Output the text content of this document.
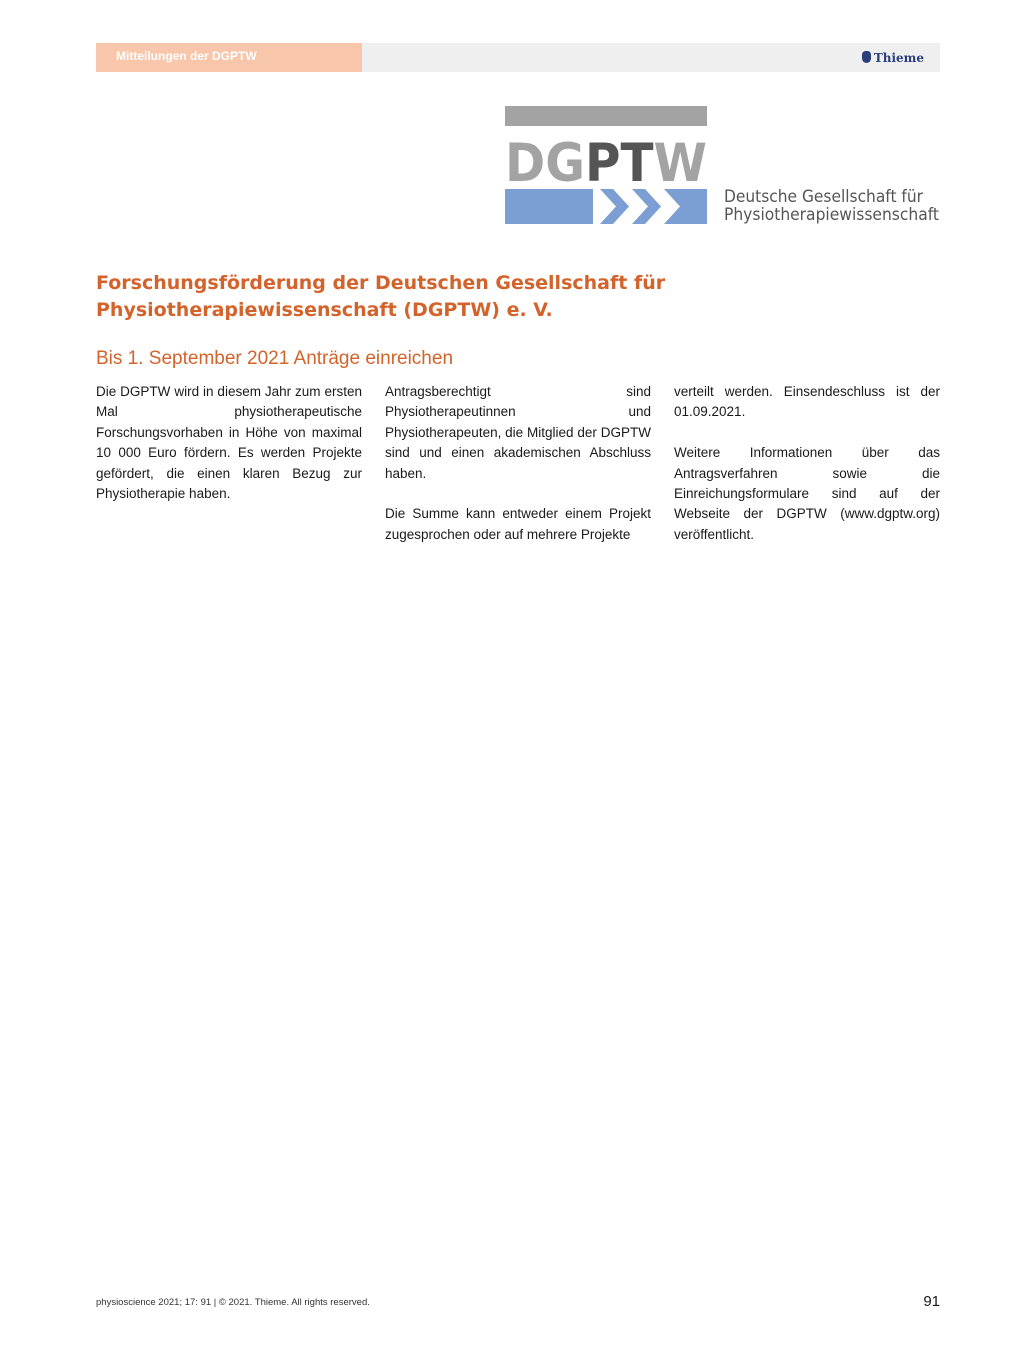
Mitteilungen der DGPTW	Thieme
DGPTW
Deutsche Gesellschaft für
Physiotherapiewissenschaft
Forschungsförderung der Deutschen Gesellschaft für Physiotherapiewissenschaft (DGPTW) e. V.
Bis 1. September 2021 Anträge einreichen

Die DGPTW wird in diesem Jahr zum ersten Mal physiotherapeutische Forschungsvorhaben in Höhe von maximal 10 000 Euro fördern. Es werden Projekte gefördert, die einen klaren Bezug zur Physiotherapie haben.

Antragsberechtigt sind Physiotherapeutinnen und Physiotherapeuten, die Mitglied der DGPTW sind und einen akademischen Abschluss haben.

Die Summe kann entweder einem Projekt zugesprochen oder auf mehrere Projekte

verteilt werden. Einsendeschluss ist der 01.09.2021.

Weitere Informationen über das Antragsverfahren sowie die Einreichungsformulare sind auf der Webseite der DGPTW (www.dgptw.org) veröffentlicht.

physioscience 2021; 17: 91 | © 2021. Thieme. All rights reserved.	91
